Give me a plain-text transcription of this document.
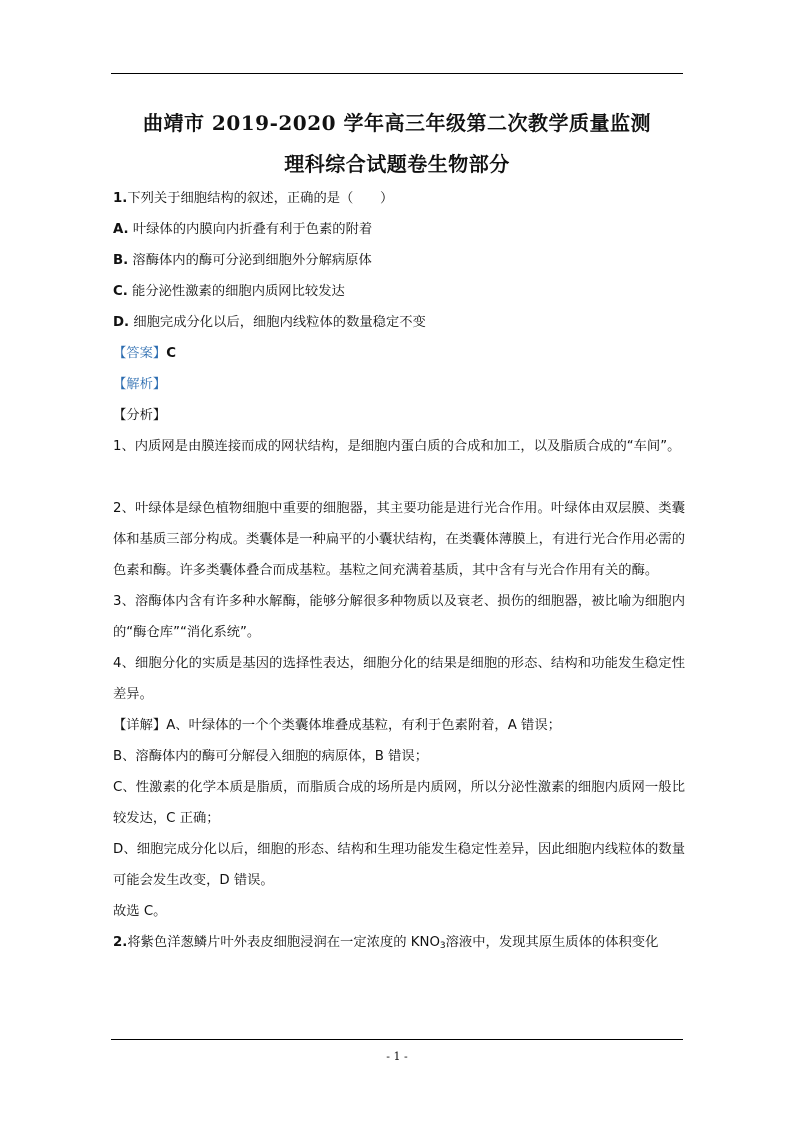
曲靖市 2019-2020 学年高三年级第二次教学质量监测
理科综合试题卷生物部分

1.下列关于细胞结构的叙述，正确的是（　　）

A. 叶绿体的内膜向内折叠有利于色素的附着

B. 溶酶体内的酶可分泌到细胞外分解病原体

C. 能分泌性激素的细胞内质网比较发达

D. 细胞完成分化以后，细胞内线粒体的数量稳定不变

【答案】C

【解析】

【分析】

1、内质网是由膜连接而成的网状结构，是细胞内蛋白质的合成和加工，以及脂质合成的“车间”。

2、叶绿体是绿色植物细胞中重要的细胞器，其主要功能是进行光合作用。叶绿体由双层膜、类囊体和基质三部分构成。类囊体是一种扁平的小囊状结构，在类囊体薄膜上，有进行光合作用必需的色素和酶。许多类囊体叠合而成基粒。基粒之间充满着基质，其中含有与光合作用有关的酶。

3、溶酶体内含有许多种水解酶，能够分解很多种物质以及衰老、损伤的细胞器，被比喻为细胞内的“酶仓库”“消化系统”。

4、细胞分化的实质是基因的选择性表达，细胞分化的结果是细胞的形态、结构和功能发生稳定性差异。

【详解】A、叶绿体的一个个类囊体堆叠成基粒，有利于色素附着，A 错误；

B、溶酶体内的酶可分解侵入细胞的病原体，B 错误；

C、性激素的化学本质是脂质，而脂质合成的场所是内质网，所以分泌性激素的细胞内质网一般比较发达，C 正确；

D、细胞完成分化以后，细胞的形态、结构和生理功能发生稳定性差异，因此细胞内线粒体的数量可能会发生改变，D 错误。

故选 C。

2.将紫色洋葱鳞片叶外表皮细胞浸润在一定浓度的 $KNO_3$溶液中，发现其原生质体的体积变化

- 1 -
